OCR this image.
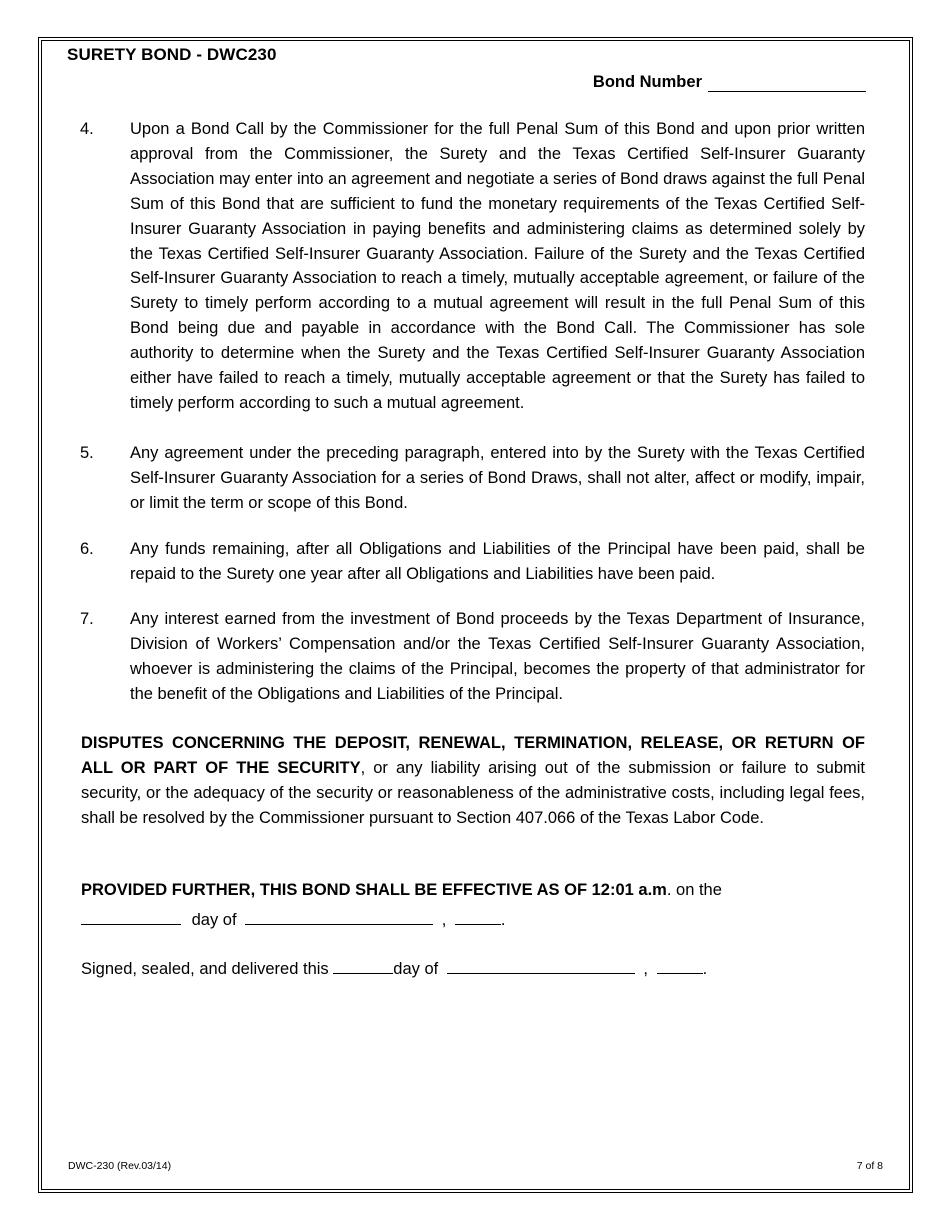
SURETY BOND - DWC230
Bond Number
4.	Upon a Bond Call by the Commissioner for the full Penal Sum of this Bond and upon prior written approval from the Commissioner, the Surety and the Texas Certified Self-Insurer Guaranty Association may enter into an agreement and negotiate a series of Bond draws against the full Penal Sum of this Bond that are sufficient to fund the monetary requirements of the Texas Certified Self-Insurer Guaranty Association in paying benefits and administering claims as determined solely by the Texas Certified Self-Insurer Guaranty Association. Failure of the Surety and the Texas Certified Self-Insurer Guaranty Association to reach a timely, mutually acceptable agreement, or failure of the Surety to timely perform according to a mutual agreement will result in the full Penal Sum of this Bond being due and payable in accordance with the Bond Call. The Commissioner has sole authority to determine when the Surety and the Texas Certified Self-Insurer Guaranty Association either have failed to reach a timely, mutually acceptable agreement or that the Surety has failed to timely perform according to such a mutual agreement.
5.	Any agreement under the preceding paragraph, entered into by the Surety with the Texas Certified Self-Insurer Guaranty Association for a series of Bond Draws, shall not alter, affect or modify, impair, or limit the term or scope of this Bond.
6.	Any funds remaining, after all Obligations and Liabilities of the Principal have been paid, shall be repaid to the Surety one year after all Obligations and Liabilities have been paid.
7.	Any interest earned from the investment of Bond proceeds by the Texas Department of Insurance, Division of Workers’ Compensation and/or the Texas Certified Self-Insurer Guaranty Association, whoever is administering the claims of the Principal, becomes the property of that administrator for the benefit of the Obligations and Liabilities of the Principal.
DISPUTES CONCERNING THE DEPOSIT, RENEWAL, TERMINATION, RELEASE, OR RETURN OF ALL OR PART OF THE SECURITY, or any liability arising out of the submission or failure to submit security, or the adequacy of the security or reasonableness of the administrative costs, including legal fees, shall be resolved by the Commissioner pursuant to Section 407.066 of the Texas Labor Code.
PROVIDED FURTHER, THIS BOND SHALL BE EFFECTIVE AS OF 12:01 a.m. on the
day of	,	.
Signed, sealed, and delivered this	day of	,	.
DWC-230 (Rev.03/14)	7 of 8
